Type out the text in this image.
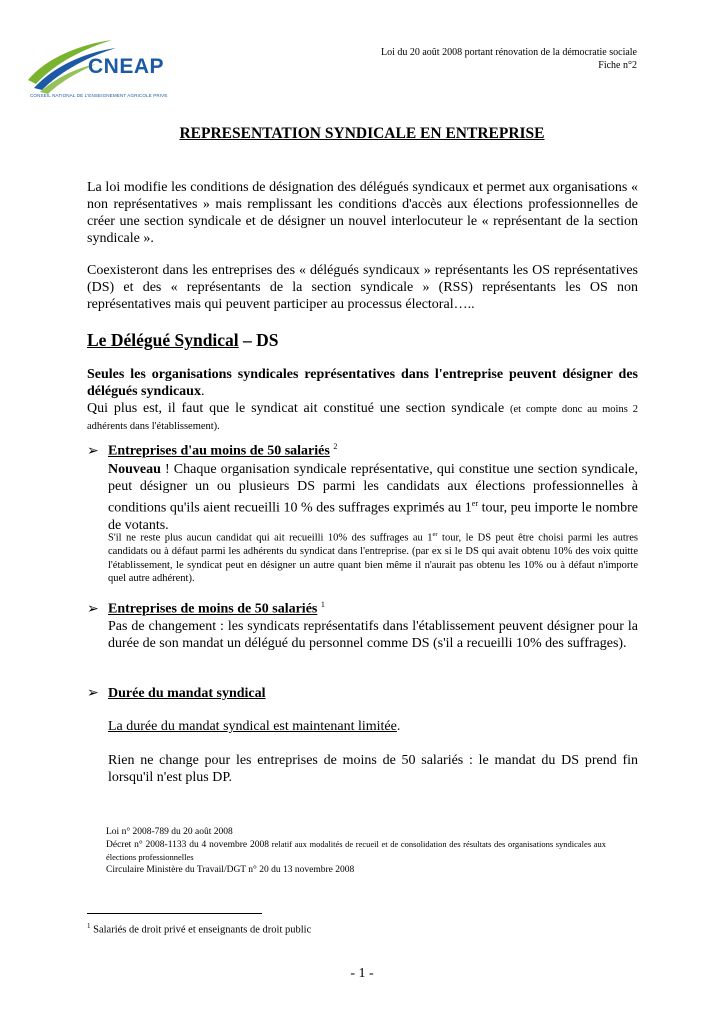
CNEAP
CONSEIL NATIONAL DE L'ENSEIGNEMENT AGRICOLE PRIVE
Loi du 20 août 2008 portant rénovation de la démocratie sociale
Fiche n°2
REPRESENTATION SYNDICALE EN ENTREPRISE
La loi modifie les conditions de désignation des délégués syndicaux et permet aux organisations « non représentatives » mais remplissant les conditions d'accès aux élections professionnelles de créer une section syndicale et de désigner un nouvel interlocuteur le « représentant de la section syndicale ».
Coexisteront dans les entreprises des « délégués syndicaux » représentants les OS représentatives (DS) et des « représentants de la section syndicale » (RSS) représentants les OS non représentatives mais qui peuvent participer au processus électoral…..
Le Délégué Syndical – DS
Seules les organisations syndicales représentatives dans l'entreprise peuvent désigner des délégués syndicaux.
Qui plus est, il faut que le syndicat ait constitué une section syndicale (et compte donc au moins 2 adhérents dans l'établissement).
➢ Entreprises d'au moins de 50 salariés $^2$
Nouveau ! Chaque organisation syndicale représentative, qui constitue une section syndicale, peut désigner un ou plusieurs DS parmi les candidats aux élections professionnelles à conditions qu'ils aient recueilli 10 % des suffrages exprimés au 1er tour, peu importe le nombre de votants.
S'il ne reste plus aucun candidat qui ait recueilli 10% des suffrages au 1er tour, le DS peut être choisi parmi les autres candidats ou à défaut parmi les adhérents du syndicat dans l'entreprise. (par ex si le DS qui avait obtenu 10% des voix quitte l'établissement, le syndicat peut en désigner un autre quant bien même il n'aurait pas obtenu les 10% ou à défaut n'importe quel autre adhérent).
➢ Entreprises de moins de 50 salariés $^1$
Pas de changement : les syndicats représentatifs dans l'établissement peuvent désigner pour la durée de son mandat un délégué du personnel comme DS (s'il a recueilli 10% des suffrages).
➢ Durée du mandat syndical
La durée du mandat syndical est maintenant limitée.
Rien ne change pour les entreprises de moins de 50 salariés : le mandat du DS prend fin lorsqu'il n'est plus DP.
Loi n° 2008-789 du 20 août 2008
Décret n° 2008-1133 du 4 novembre 2008 relatif aux modalités de recueil et de consolidation des résultats des organisations syndicales aux élections professionnelles
Circulaire Ministère du Travail/DGT n° 20 du 13 novembre 2008
$^1$ Salariés de droit privé et enseignants de droit public
- 1 -
